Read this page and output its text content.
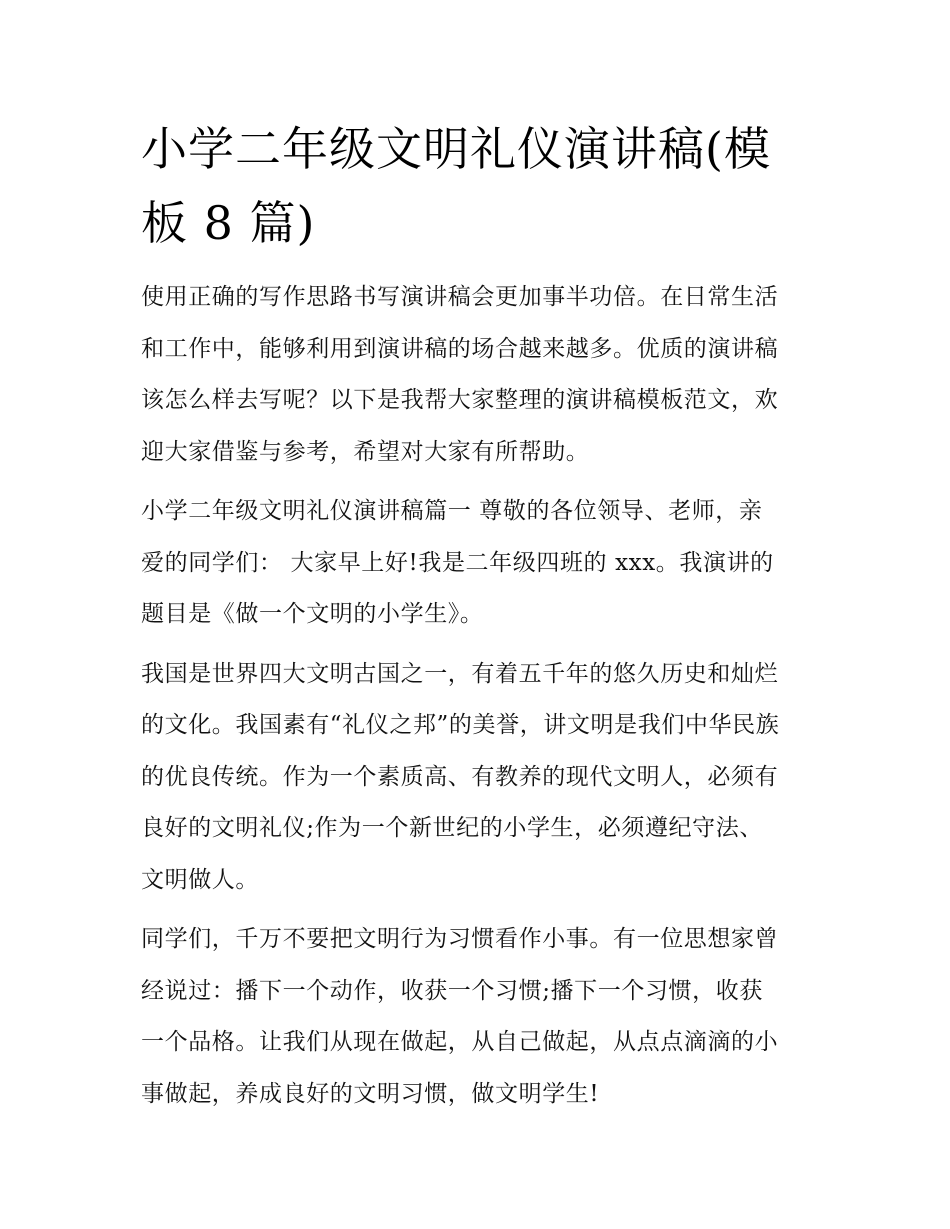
小学二年级文明礼仪演讲稿(模
板 8 篇)

使用正确的写作思路书写演讲稿会更加事半功倍。在日常生活
和工作中，能够利用到演讲稿的场合越来越多。优质的演讲稿
该怎么样去写呢？以下是我帮大家整理的演讲稿模板范文，欢
迎大家借鉴与参考，希望对大家有所帮助。

小学二年级文明礼仪演讲稿篇一 尊敬的各位领导、老师，亲
爱的同学们： 大家早上好!我是二年级四班的 xxx。我演讲的
题目是《做一个文明的小学生》。

我国是世界四大文明古国之一，有着五千年的悠久历史和灿烂
的文化。我国素有“礼仪之邦”的美誉，讲文明是我们中华民族
的优良传统。作为一个素质高、有教养的现代文明人，必须有
良好的文明礼仪;作为一个新世纪的小学生，必须遵纪守法、
文明做人。

同学们，千万不要把文明行为习惯看作小事。有一位思想家曾
经说过：播下一个动作，收获一个习惯;播下一个习惯，收获
一个品格。让我们从现在做起，从自己做起，从点点滴滴的小
事做起，养成良好的文明习惯，做文明学生!
